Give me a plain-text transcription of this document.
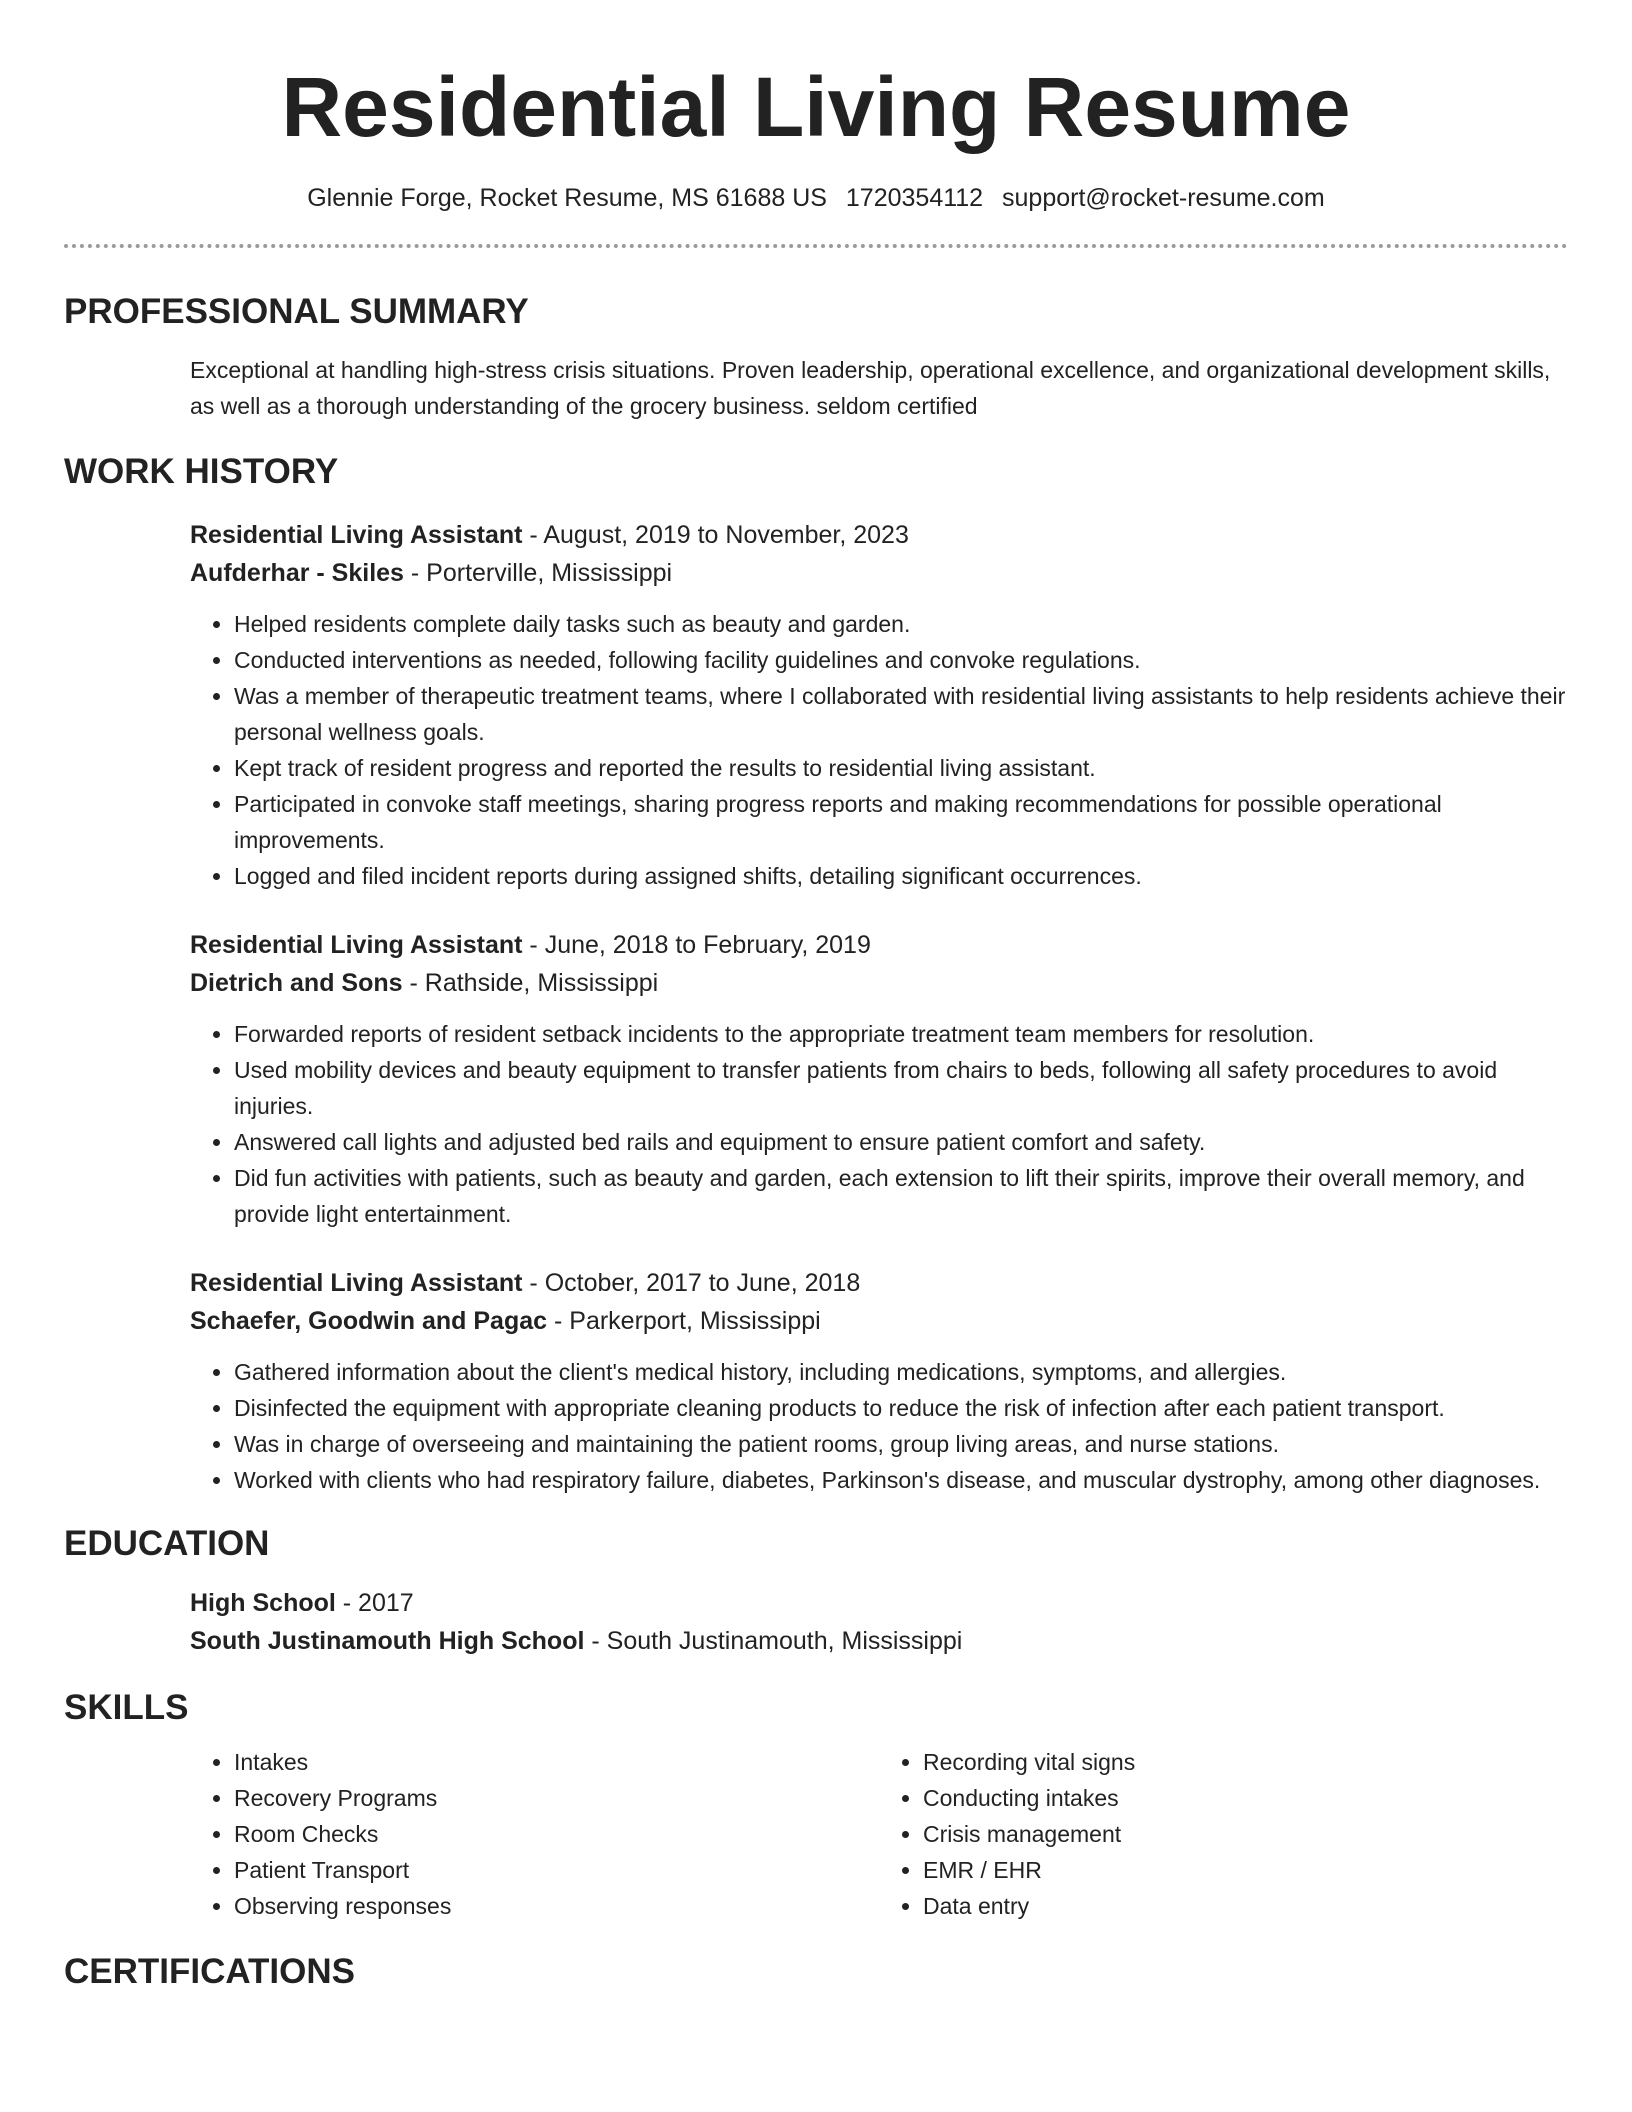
Residential Living Resume
Glennie Forge, Rocket Resume, MS 61688 US 1720354112 support@rocket-resume.com
PROFESSIONAL SUMMARY

Exceptional at handling high-stress crisis situations. Proven leadership, operational excellence, and organizational development skills, as well as a thorough understanding of the grocery business. seldom certified

WORK HISTORY
Residential Living Assistant - August, 2019 to November, 2023
Aufderhar - Skiles - Porterville, Mississippi
• Helped residents complete daily tasks such as beauty and garden.
• Conducted interventions as needed, following facility guidelines and convoke regulations.
• Was a member of therapeutic treatment teams, where I collaborated with residential living assistants to help residents achieve their personal wellness goals.
• Kept track of resident progress and reported the results to residential living assistant.
• Participated in convoke staff meetings, sharing progress reports and making recommendations for possible operational improvements.
• Logged and filed incident reports during assigned shifts, detailing significant occurrences.
Residential Living Assistant - June, 2018 to February, 2019
Dietrich and Sons - Rathside, Mississippi
• Forwarded reports of resident setback incidents to the appropriate treatment team members for resolution.
• Used mobility devices and beauty equipment to transfer patients from chairs to beds, following all safety procedures to avoid injuries.
• Answered call lights and adjusted bed rails and equipment to ensure patient comfort and safety.
• Did fun activities with patients, such as beauty and garden, each extension to lift their spirits, improve their overall memory, and provide light entertainment.
Residential Living Assistant - October, 2017 to June, 2018
Schaefer, Goodwin and Pagac - Parkerport, Mississippi
• Gathered information about the client's medical history, including medications, symptoms, and allergies.
• Disinfected the equipment with appropriate cleaning products to reduce the risk of infection after each patient transport.
• Was in charge of overseeing and maintaining the patient rooms, group living areas, and nurse stations.
• Worked with clients who had respiratory failure, diabetes, Parkinson's disease, and muscular dystrophy, among other diagnoses.
EDUCATION
High School - 2017
South Justinamouth High School - South Justinamouth, Mississippi
SKILLS
• Intakes
• Recovery Programs
• Room Checks
• Patient Transport
• Observing responses
• Recording vital signs
• Conducting intakes
• Crisis management
• EMR / EHR
• Data entry
CERTIFICATIONS
